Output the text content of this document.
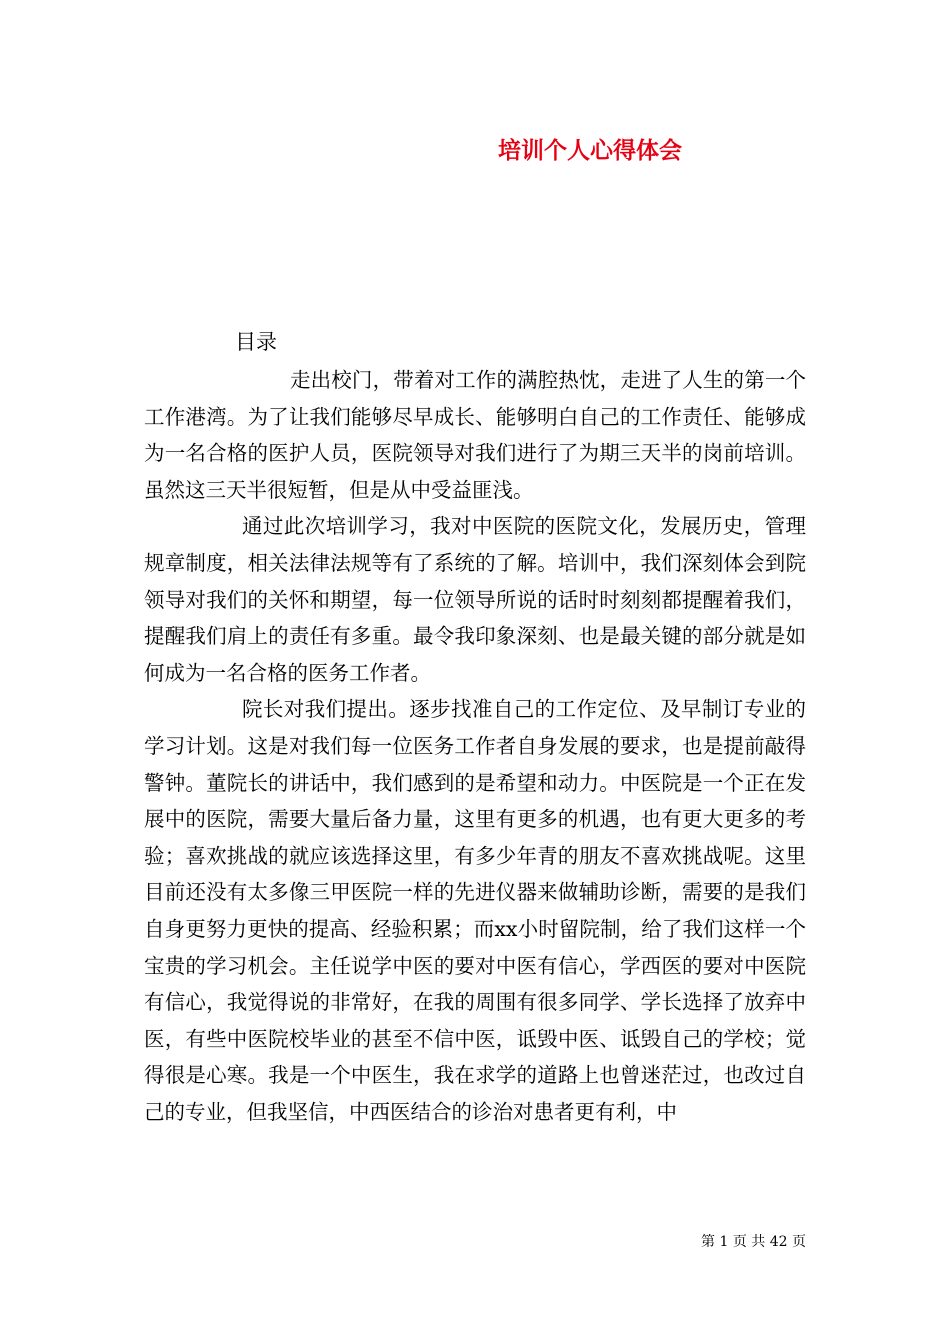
培训个人心得体会
目录

走出校门，带着对工作的满腔热忱，走进了人生的第一个工作港湾。为了让我们能够尽早成长、能够明白自己的工作责任、能够成为一名合格的医护人员，医院领导对我们进行了为期三天半的岗前培训。虽然这三天半很短暂，但是从中受益匪浅。

通过此次培训学习，我对中医院的医院文化，发展历史，管理规章制度，相关法律法规等有了系统的了解。培训中，我们深刻体会到院领导对我们的关怀和期望，每一位领导所说的话时时刻刻都提醒着我们，提醒我们肩上的责任有多重。最令我印象深刻、也是最关键的部分就是如何成为一名合格的医务工作者。

院长对我们提出。逐步找准自己的工作定位、及早制订专业的学习计划。这是对我们每一位医务工作者自身发展的要求，也是提前敲得警钟。董院长的讲话中，我们感到的是希望和动力。中医院是一个正在发展中的医院，需要大量后备力量，这里有更多的机遇，也有更大更多的考验；喜欢挑战的就应该选择这里，有多少年青的朋友不喜欢挑战呢。这里目前还没有太多像三甲医院一样的先进仪器来做辅助诊断，需要的是我们自身更努力更快的提高、经验积累；而xx小时留院制，给了我们这样一个宝贵的学习机会。主任说学中医的要对中医有信心，学西医的要对中医院有信心，我觉得说的非常好，在我的周围有很多同学、学长选择了放弃中医，有些中医院校毕业的甚至不信中医，诋毁中医、诋毁自己的学校；觉得很是心寒。我是一个中医生，我在求学的道路上也曾迷茫过，也改过自己的专业，但我坚信，中西医结合的诊治对患者更有利，中

第 1 页 共 42 页
